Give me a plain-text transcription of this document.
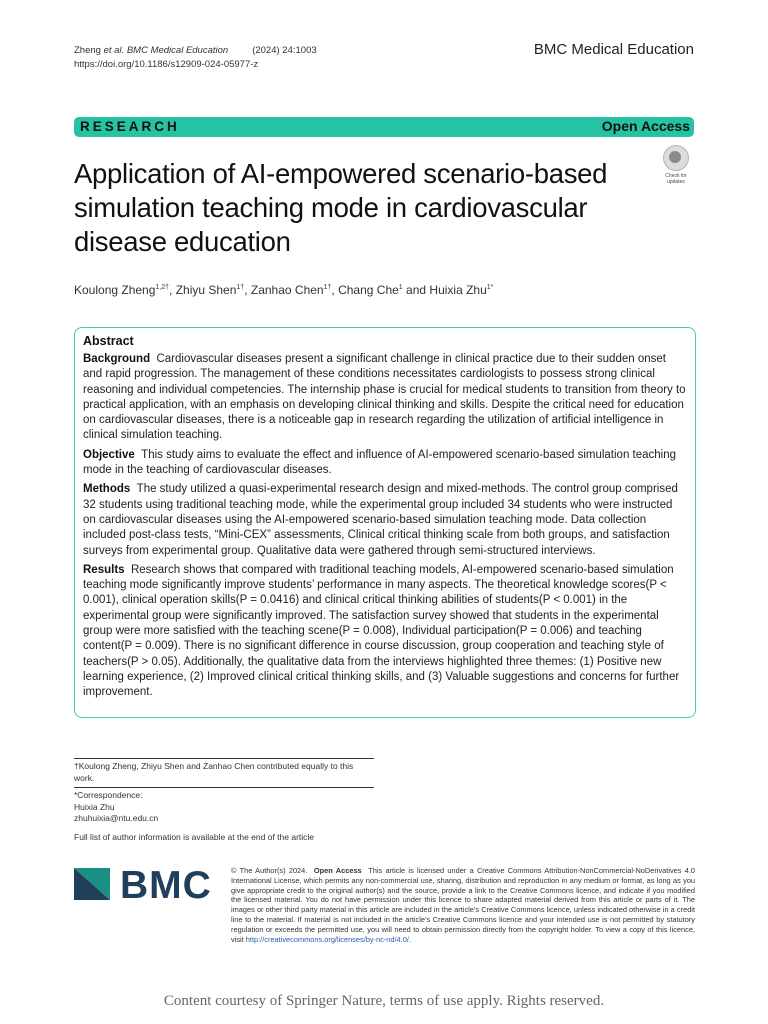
Zheng et al. BMC Medical Education	(2024) 24:1003
https://doi.org/10.1186/s12909-024-05977-z
BMC Medical Education
RESEARCH	Open Access
Application of AI-empowered scenario-based simulation teaching mode in cardiovascular disease education
Check for updates
Koulong Zheng$^{1,2\dagger}$, Zhiyu Shen$^{1\dagger}$, Zanhao Chen$^{1\dagger}$, Chang Che$^1$ and Huixia Zhu$^{1*}$
Abstract
Background Cardiovascular diseases present a significant challenge in clinical practice due to their sudden onset and rapid progression. The management of these conditions necessitates cardiologists to possess strong clinical reasoning and individual competencies. The internship phase is crucial for medical students to transition from theory to practical application, with an emphasis on developing clinical thinking and skills. Despite the critical need for education on cardiovascular diseases, there is a noticeable gap in research regarding the utilization of artificial intelligence in clinical simulation teaching.
Objective This study aims to evaluate the effect and influence of AI-empowered scenario-based simulation teaching mode in the teaching of cardiovascular diseases.
Methods The study utilized a quasi-experimental research design and mixed-methods. The control group comprised 32 students using traditional teaching mode, while the experimental group included 34 students who were instructed on cardiovascular diseases using the AI-empowered scenario-based simulation teaching mode. Data collection included post-class tests, “Mini-CEX” assessments, Clinical critical thinking scale from both groups, and satisfaction surveys from experimental group. Qualitative data were gathered through semi-structured interviews.
Results Research shows that compared with traditional teaching models, AI-empowered scenario-based simulation teaching mode significantly improve students’ performance in many aspects. The theoretical knowledge scores(P < 0.001), clinical operation skills(P = 0.0416) and clinical critical thinking abilities of students(P < 0.001) in the experimental group were significantly improved. The satisfaction survey showed that students in the experimental group were more satisfied with the teaching scene(P = 0.008), Individual participation(P = 0.006) and teaching content(P = 0.009). There is no significant difference in course discussion, group cooperation and teaching style of teachers(P > 0.05). Additionally, the qualitative data from the interviews highlighted three themes: (1) Positive new learning experience, (2) Improved clinical critical thinking skills, and (3) Valuable suggestions and concerns for further improvement.
†Koulong Zheng, Zhiyu Shen and Zanhao Chen contributed equally to this work.
*Correspondence:
Huixia Zhu
zhuhuixia@ntu.edu.cn
Full list of author information is available at the end of the article
BMC	© The Author(s) 2024. Open Access This article is licensed under a Creative Commons Attribution-NonCommercial-NoDerivatives 4.0 International License, which permits any non-commercial use, sharing, distribution and reproduction in any medium or format, as long as you give appropriate credit to the original author(s) and the source, provide a link to the Creative Commons licence, and indicate if you modified the licensed material. You do not have permission under this licence to share adapted material derived from this article or parts of it. The images or other third party material in this article are included in the article’s Creative Commons licence, unless indicated otherwise in a credit line to the material. If material is not included in the article’s Creative Commons licence and your intended use is not permitted by statutory regulation or exceeds the permitted use, you will need to obtain permission directly from the copyright holder. To view a copy of this licence, visit http://creativecommons.org/licenses/by-nc-nd/4.0/.
Content courtesy of Springer Nature, terms of use apply. Rights reserved.
